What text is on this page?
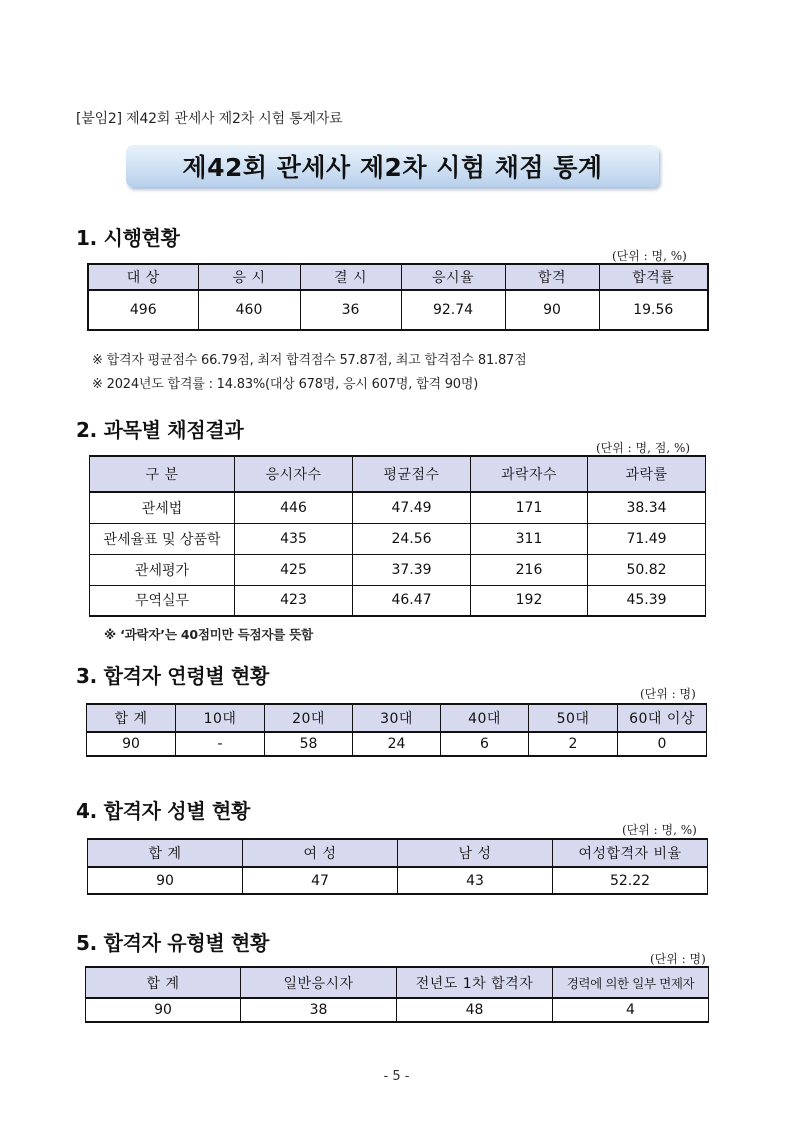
[붙임2] 제42회 관세사 제2차 시험 통계자료
제42회 관세사 제2차 시험 채점 통계
1. 시행현황
(단위 : 명, %)
대 상	응 시	결 시	응시율	합격	합격률
496	460	36	92.74	90	19.56
※ 합격자 평균점수 66.79점, 최저 합격점수 57.87점, 최고 합격점수 81.87점
※ 2024년도 합격률 : 14.83%(대상 678명, 응시 607명, 합격 90명)
2. 과목별 채점결과
(단위 : 명, 점, %)
구 분	응시자수	평균점수	과락자수	과락률
관세법	446	47.49	171	38.34
관세율표 및 상품학	435	24.56	311	71.49
관세평가	425	37.39	216	50.82
무역실무	423	46.47	192	45.39
※ ‘과락자’는 40점미만 득점자를 뜻함
3. 합격자 연령별 현황
(단위 : 명)
합 계	10대	20대	30대	40대	50대	60대 이상
90	-	58	24	6	2	0
4. 합격자 성별 현황
(단위 : 명, %)
합 계	여 성	남 성	여성합격자 비율
90	47	43	52.22
5. 합격자 유형별 현황
(단위 : 명)
합 계	일반응시자	전년도 1차 합격자	경력에 의한 일부 면제자
90	38	48	4
- 5 -
